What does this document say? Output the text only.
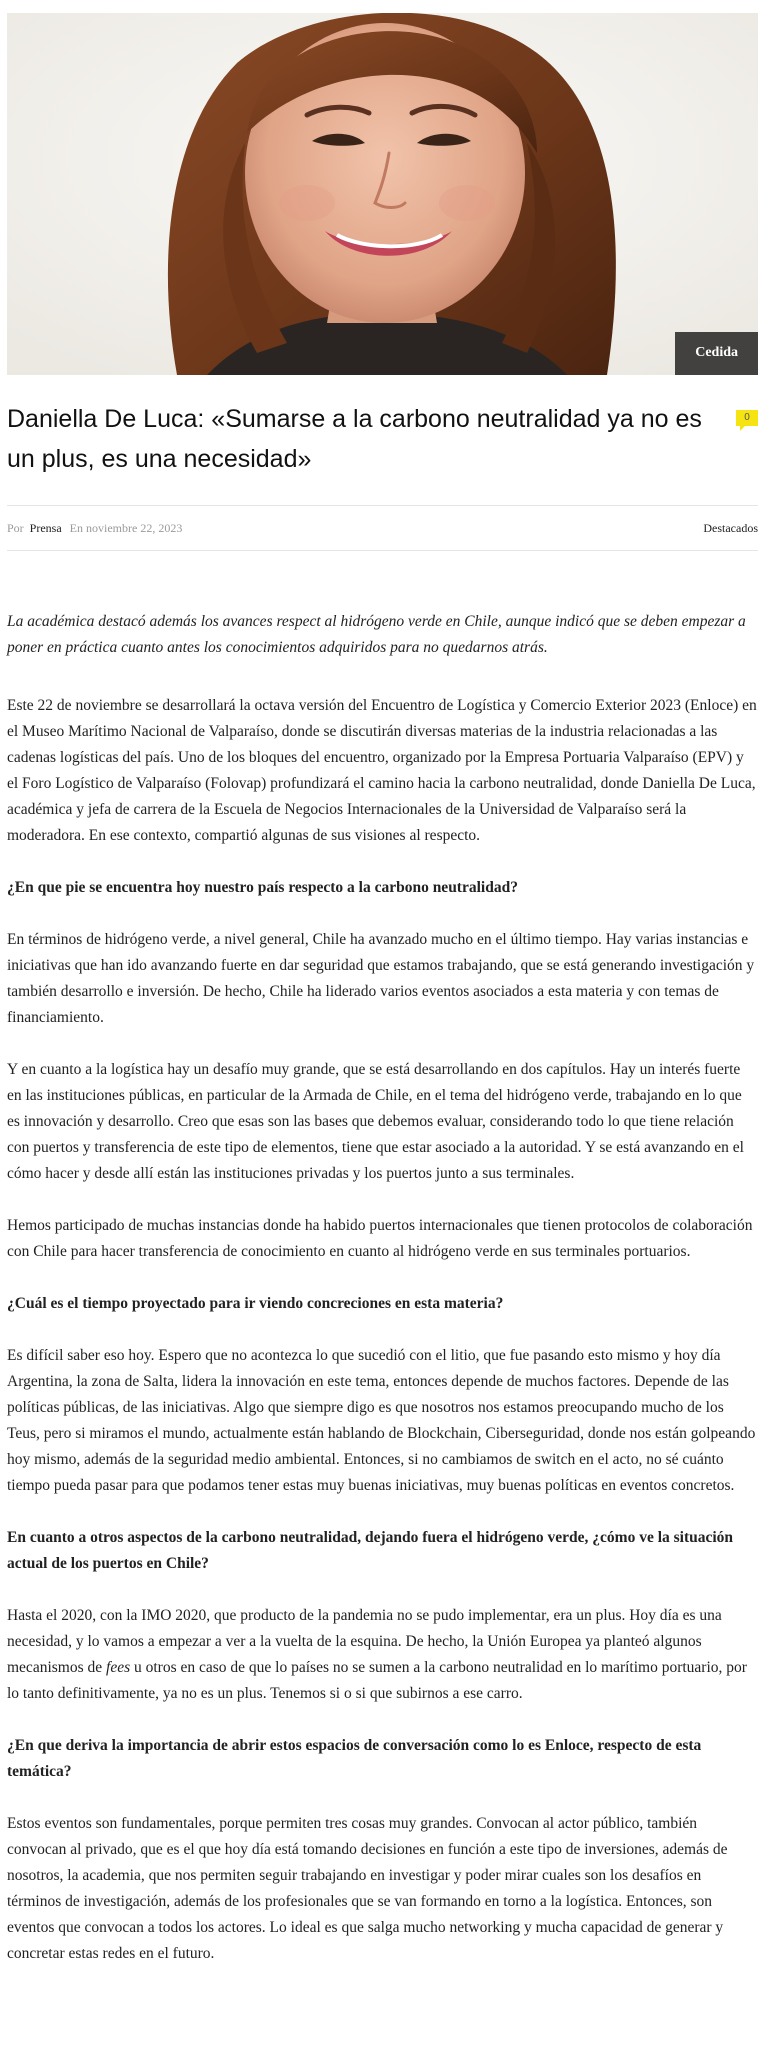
Cedida
Daniella De Luca: «Sumarse a la carbono neutralidad ya no es un plus, es una necesidad»
0
Por Prensa En noviembre 22, 2023	Destacados

La académica destacó además los avances respect al hidrógeno verde en Chile, aunque indicó que se deben empezar a poner en práctica cuanto antes los conocimientos adquiridos para no quedarnos atrás.

Este 22 de noviembre se desarrollará la octava versión del Encuentro de Logística y Comercio Exterior 2023 (Enloce) en el Museo Marítimo Nacional de Valparaíso, donde se discutirán diversas materias de la industria relacionadas a las cadenas logísticas del país. Uno de los bloques del encuentro, organizado por la Empresa Portuaria Valparaíso (EPV) y el Foro Logístico de Valparaíso (Folovap) profundizará el camino hacia la carbono neutralidad, donde Daniella De Luca, académica y jefa de carrera de la Escuela de Negocios Internacionales de la Universidad de Valparaíso será la moderadora. En ese contexto, compartió algunas de sus visiones al respecto.

¿En que pie se encuentra hoy nuestro país respecto a la carbono neutralidad?

En términos de hidrógeno verde, a nivel general, Chile ha avanzado mucho en el último tiempo. Hay varias instancias e iniciativas que han ido avanzando fuerte en dar seguridad que estamos trabajando, que se está generando investigación y también desarrollo e inversión. De hecho, Chile ha liderado varios eventos asociados a esta materia y con temas de financiamiento.

Y en cuanto a la logística hay un desafío muy grande, que se está desarrollando en dos capítulos. Hay un interés fuerte en las instituciones públicas, en particular de la Armada de Chile, en el tema del hidrógeno verde, trabajando en lo que es innovación y desarrollo. Creo que esas son las bases que debemos evaluar, considerando todo lo que tiene relación con puertos y transferencia de este tipo de elementos, tiene que estar asociado a la autoridad. Y se está avanzando en el cómo hacer y desde allí están las instituciones privadas y los puertos junto a sus terminales.

Hemos participado de muchas instancias donde ha habido puertos internacionales que tienen protocolos de colaboración con Chile para hacer transferencia de conocimiento en cuanto al hidrógeno verde en sus terminales portuarios.

¿Cuál es el tiempo proyectado para ir viendo concreciones en esta materia?

Es difícil saber eso hoy. Espero que no acontezca lo que sucedió con el litio, que fue pasando esto mismo y hoy día Argentina, la zona de Salta, lidera la innovación en este tema, entonces depende de muchos factores. Depende de las políticas públicas, de las iniciativas. Algo que siempre digo es que nosotros nos estamos preocupando mucho de los Teus, pero si miramos el mundo, actualmente están hablando de Blockchain, Ciberseguridad, donde nos están golpeando hoy mismo, además de la seguridad medio ambiental. Entonces, si no cambiamos de switch en el acto, no sé cuánto tiempo pueda pasar para que podamos tener estas muy buenas iniciativas, muy buenas políticas en eventos concretos.

En cuanto a otros aspectos de la carbono neutralidad, dejando fuera el hidrógeno verde, ¿cómo ve la situación actual de los puertos en Chile?

Hasta el 2020, con la IMO 2020, que producto de la pandemia no se pudo implementar, era un plus. Hoy día es una necesidad, y lo vamos a empezar a ver a la vuelta de la esquina. De hecho, la Unión Europea ya planteó algunos mecanismos de fees u otros en caso de que lo países no se sumen a la carbono neutralidad en lo marítimo portuario, por lo tanto definitivamente, ya no es un plus. Tenemos si o si que subirnos a ese carro.

¿En que deriva la importancia de abrir estos espacios de conversación como lo es Enloce, respecto de esta temática?

Estos eventos son fundamentales, porque permiten tres cosas muy grandes. Convocan al actor público, también convocan al privado, que es el que hoy día está tomando decisiones en función a este tipo de inversiones, además de nosotros, la academia, que nos permiten seguir trabajando en investigar y poder mirar cuales son los desafíos en términos de investigación, además de los profesionales que se van formando en torno a la logística. Entonces, son eventos que convocan a todos los actores. Lo ideal es que salga mucho networking y mucha capacidad de generar y concretar estas redes en el futuro.
